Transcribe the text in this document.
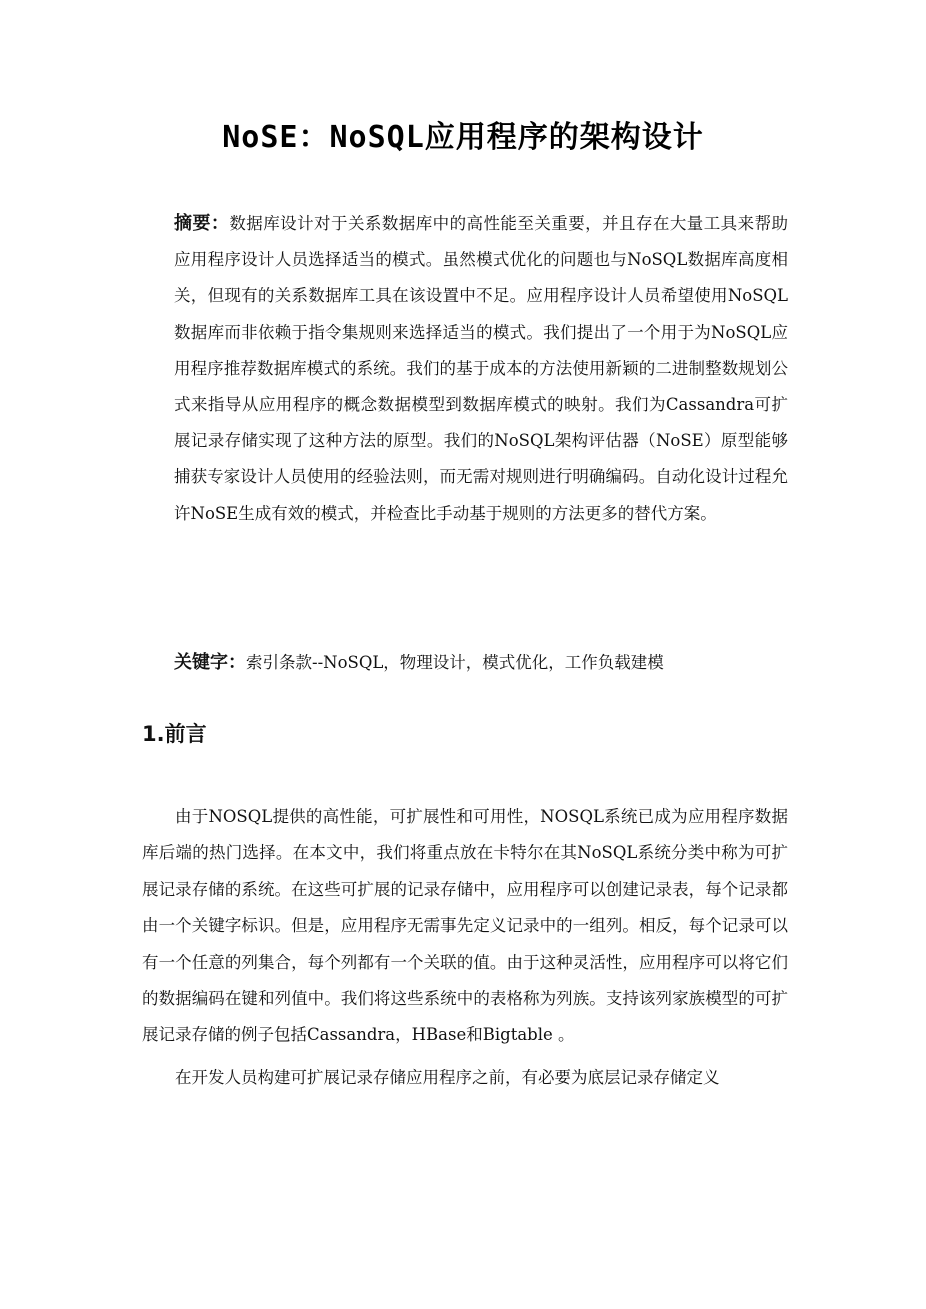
NoSE：NoSQL应用程序的架构设计

摘要：数据库设计对于关系数据库中的高性能至关重要，并且存在大量工具来帮助应用程序设计人员选择适当的模式。虽然模式优化的问题也与NoSQL数据库高度相关，但现有的关系数据库工具在该设置中不足。应用程序设计人员希望使用NoSQL数据库而非依赖于指令集规则来选择适当的模式。我们提出了一个用于为NoSQL应用程序推荐数据库模式的系统。我们的基于成本的方法使用新颖的二进制整数规划公式来指导从应用程序的概念数据模型到数据库模式的映射。我们为Cassandra可扩展记录存储实现了这种方法的原型。我们的NoSQL架构评估器（NoSE）原型能够捕获专家设计人员使用的经验法则，而无需对规则进行明确编码。自动化设计过程允许NoSE生成有效的模式，并检查比手动基于规则的方法更多的替代方案。

关键字：索引条款--NoSQL，物理设计，模式优化，工作负载建模
1.前言

由于NOSQL提供的高性能，可扩展性和可用性，NOSQL系统已成为应用程序数据库后端的热门选择。在本文中，我们将重点放在卡特尔在其NoSQL系统分类中称为可扩展记录存储的系统。在这些可扩展的记录存储中，应用程序可以创建记录表，每个记录都由一个关键字标识。但是，应用程序无需事先定义记录中的一组列。相反，每个记录可以有一个任意的列集合，每个列都有一个关联的值。由于这种灵活性，应用程序可以将它们的数据编码在键和列值中。我们将这些系统中的表格称为列族。支持该列家族模型的可扩展记录存储的例子包括Cassandra，HBase和Bigtable 。

在开发人员构建可扩展记录存储应用程序之前，有必要为底层记录存储定义
